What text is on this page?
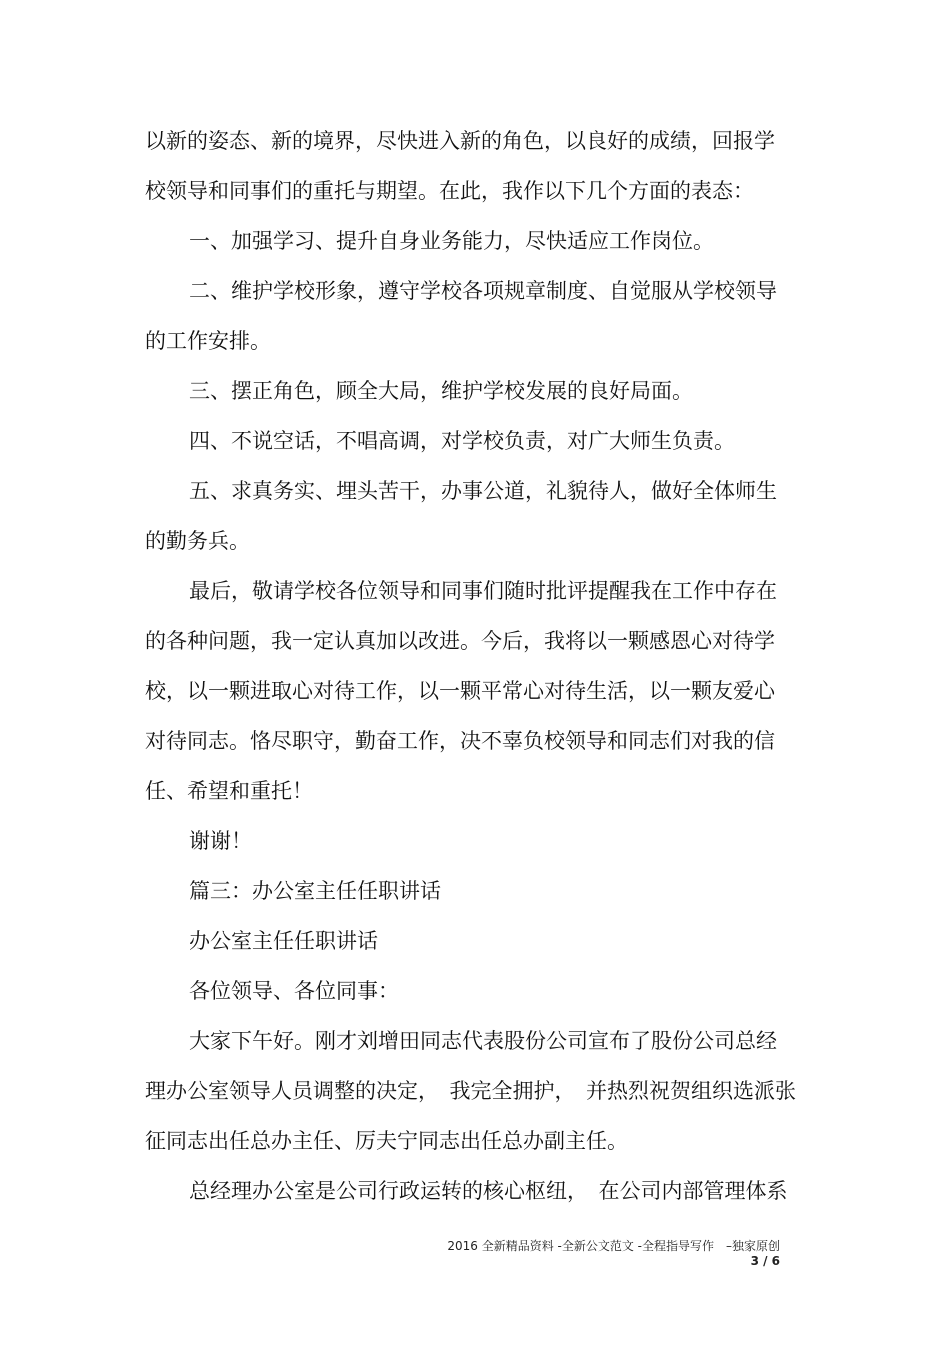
以新的姿态、新的境界，尽快进入新的角色，以良好的成绩，回报学
校领导和同事们的重托与期望。在此，我作以下几个方面的表态：
一、加强学习、提升自身业务能力，尽快适应工作岗位。
二、维护学校形象，遵守学校各项规章制度、自觉服从学校领导
的工作安排。
三、摆正角色，顾全大局，维护学校发展的良好局面。
四、不说空话，不唱高调，对学校负责，对广大师生负责。
五、求真务实、埋头苦干，办事公道，礼貌待人，做好全体师生
的勤务兵。
最后，敬请学校各位领导和同事们随时批评提醒我在工作中存在
的各种问题，我一定认真加以改进。今后，我将以一颗感恩心对待学
校，以一颗进取心对待工作，以一颗平常心对待生活，以一颗友爱心
对待同志。恪尽职守，勤奋工作，决不辜负校领导和同志们对我的信
任、希望和重托！
谢谢！
篇三：办公室主任任职讲话
办公室主任任职讲话
各位领导、各位同事：
大家下午好。刚才刘增田同志代表股份公司宣布了股份公司总经
理办公室领导人员调整的决定，　我完全拥护，　并热烈祝贺组织选派张
征同志出任总办主任、厉夫宁同志出任总办副主任。
总经理办公室是公司行政运转的核心枢纽，　在公司内部管理体系
2016 全新精品资料 -全新公文范文 -全程指导写作　–独家原创
3 / 6
